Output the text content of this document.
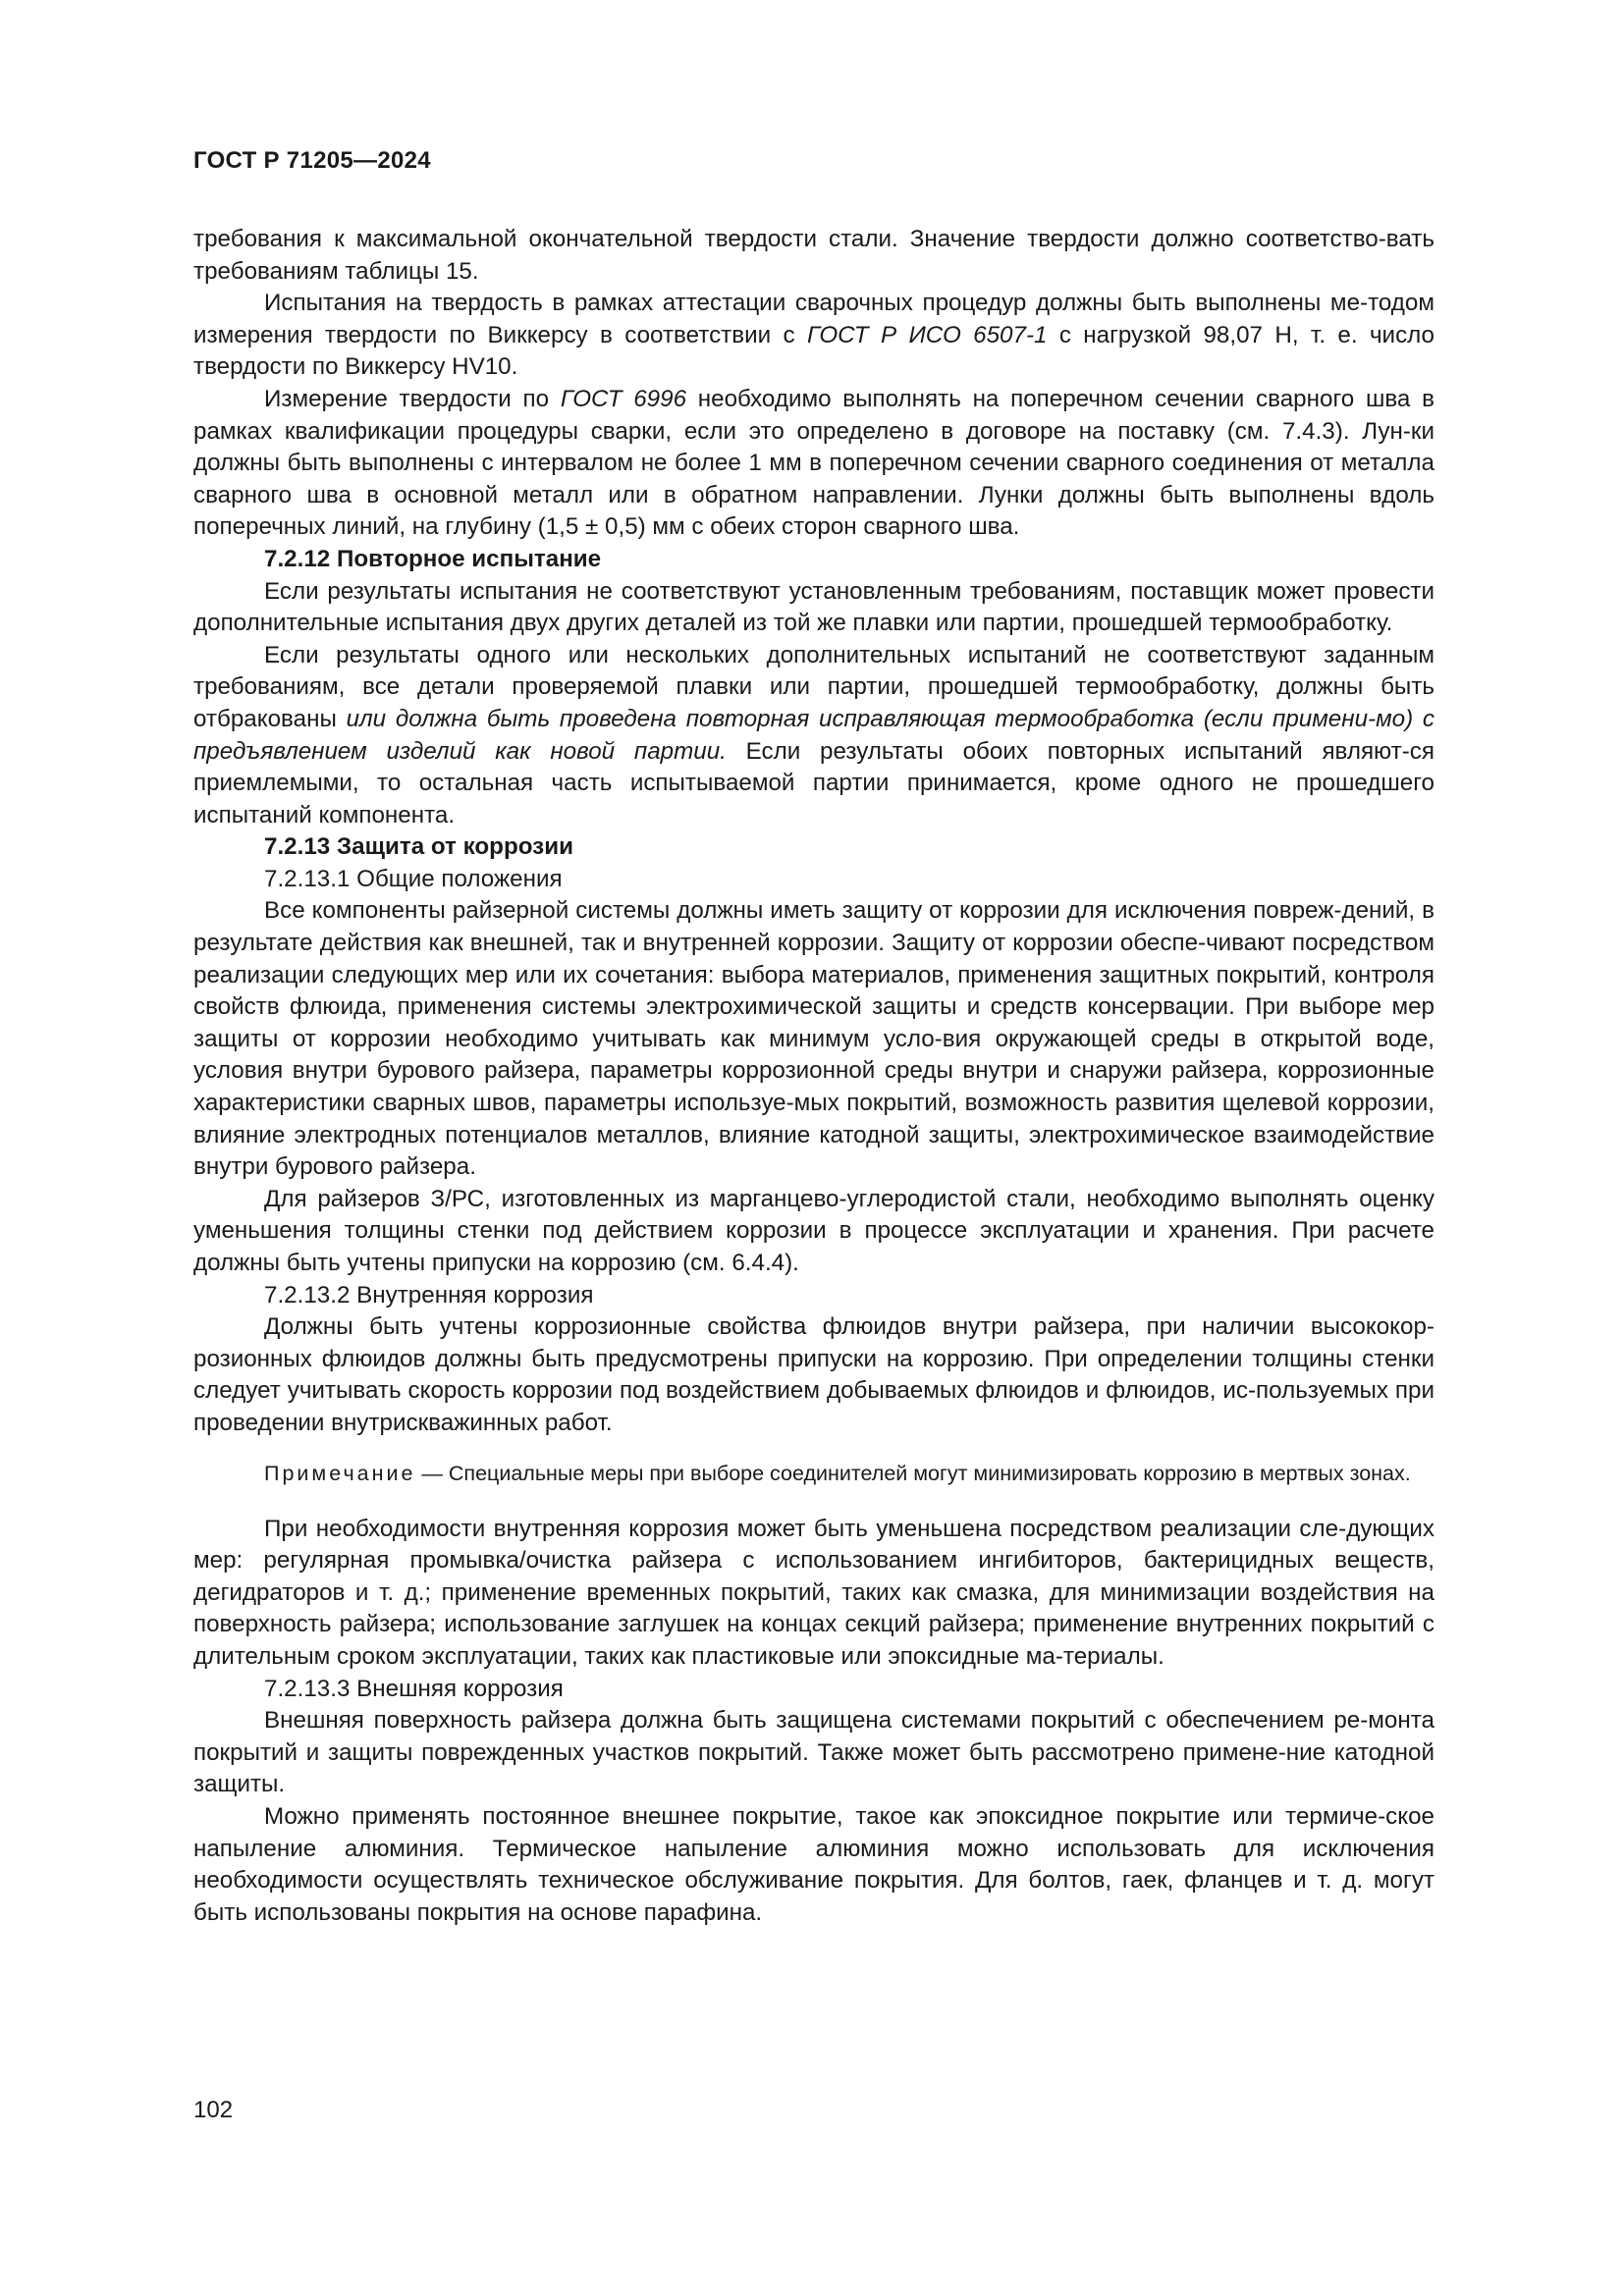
ГОСТ Р 71205—2024

требования к максимальной окончательной твердости стали. Значение твердости должно соответство-вать требованиям таблицы 15.

Испытания на твердость в рамках аттестации сварочных процедур должны быть выполнены ме-тодом измерения твердости по Виккерсу в соответствии с ГОСТ Р ИСО 6507-1 с нагрузкой 98,07 Н, т. е. число твердости по Виккерсу HV10.

Измерение твердости по ГОСТ 6996 необходимо выполнять на поперечном сечении сварного шва в рамках квалификации процедуры сварки, если это определено в договоре на поставку (см. 7.4.3). Лун-ки должны быть выполнены с интервалом не более 1 мм в поперечном сечении сварного соединения от металла сварного шва в основной металл или в обратном направлении. Лунки должны быть выполнены вдоль поперечных линий, на глубину (1,5 ± 0,5) мм с обеих сторон сварного шва.

7.2.12 Повторное испытание

Если результаты испытания не соответствуют установленным требованиям, поставщик может провести дополнительные испытания двух других деталей из той же плавки или партии, прошедшей термообработку.

Если результаты одного или нескольких дополнительных испытаний не соответствуют заданным требованиям, все детали проверяемой плавки или партии, прошедшей термообработку, должны быть отбракованы или должна быть проведена повторная исправляющая термообработка (если примени-мо) с предъявлением изделий как новой партии. Если результаты обоих повторных испытаний являют-ся приемлемыми, то остальная часть испытываемой партии принимается, кроме одного не прошедшего испытаний компонента.

7.2.13 Защита от коррозии

7.2.13.1 Общие положения

Все компоненты райзерной системы должны иметь защиту от коррозии для исключения повреж-дений, в результате действия как внешней, так и внутренней коррозии. Защиту от коррозии обеспе-чивают посредством реализации следующих мер или их сочетания: выбора материалов, применения защитных покрытий, контроля свойств флюида, применения системы электрохимической защиты и средств консервации. При выборе мер защиты от коррозии необходимо учитывать как минимум усло-вия окружающей среды в открытой воде, условия внутри бурового райзера, параметры коррозионной среды внутри и снаружи райзера, коррозионные характеристики сварных швов, параметры используе-мых покрытий, возможность развития щелевой коррозии, влияние электродных потенциалов металлов, влияние катодной защиты, электрохимическое взаимодействие внутри бурового райзера.

Для райзеров З/РС, изготовленных из марганцево-углеродистой стали, необходимо выполнять оценку уменьшения толщины стенки под действием коррозии в процессе эксплуатации и хранения. При расчете должны быть учтены припуски на коррозию (см. 6.4.4).

7.2.13.2 Внутренняя коррозия

Должны быть учтены коррозионные свойства флюидов внутри райзера, при наличии высококор-розионных флюидов должны быть предусмотрены припуски на коррозию. При определении толщины стенки следует учитывать скорость коррозии под воздействием добываемых флюидов и флюидов, ис-пользуемых при проведении внутрискважинных работ.

Примечание — Специальные меры при выборе соединителей могут минимизировать коррозию в мертвых зонах.

При необходимости внутренняя коррозия может быть уменьшена посредством реализации сле-дующих мер: регулярная промывка/очистка райзера с использованием ингибиторов, бактерицидных веществ, дегидраторов и т. д.; применение временных покрытий, таких как смазка, для минимизации воздействия на поверхность райзера; использование заглушек на концах секций райзера; применение внутренних покрытий с длительным сроком эксплуатации, таких как пластиковые или эпоксидные ма-териалы.

7.2.13.3 Внешняя коррозия

Внешняя поверхность райзера должна быть защищена системами покрытий с обеспечением ре-монта покрытий и защиты поврежденных участков покрытий. Также может быть рассмотрено примене-ние катодной защиты.

Можно применять постоянное внешнее покрытие, такое как эпоксидное покрытие или термиче-ское напыление алюминия. Термическое напыление алюминия можно использовать для исключения необходимости осуществлять техническое обслуживание покрытия. Для болтов, гаек, фланцев и т. д. могут быть использованы покрытия на основе парафина.

102
